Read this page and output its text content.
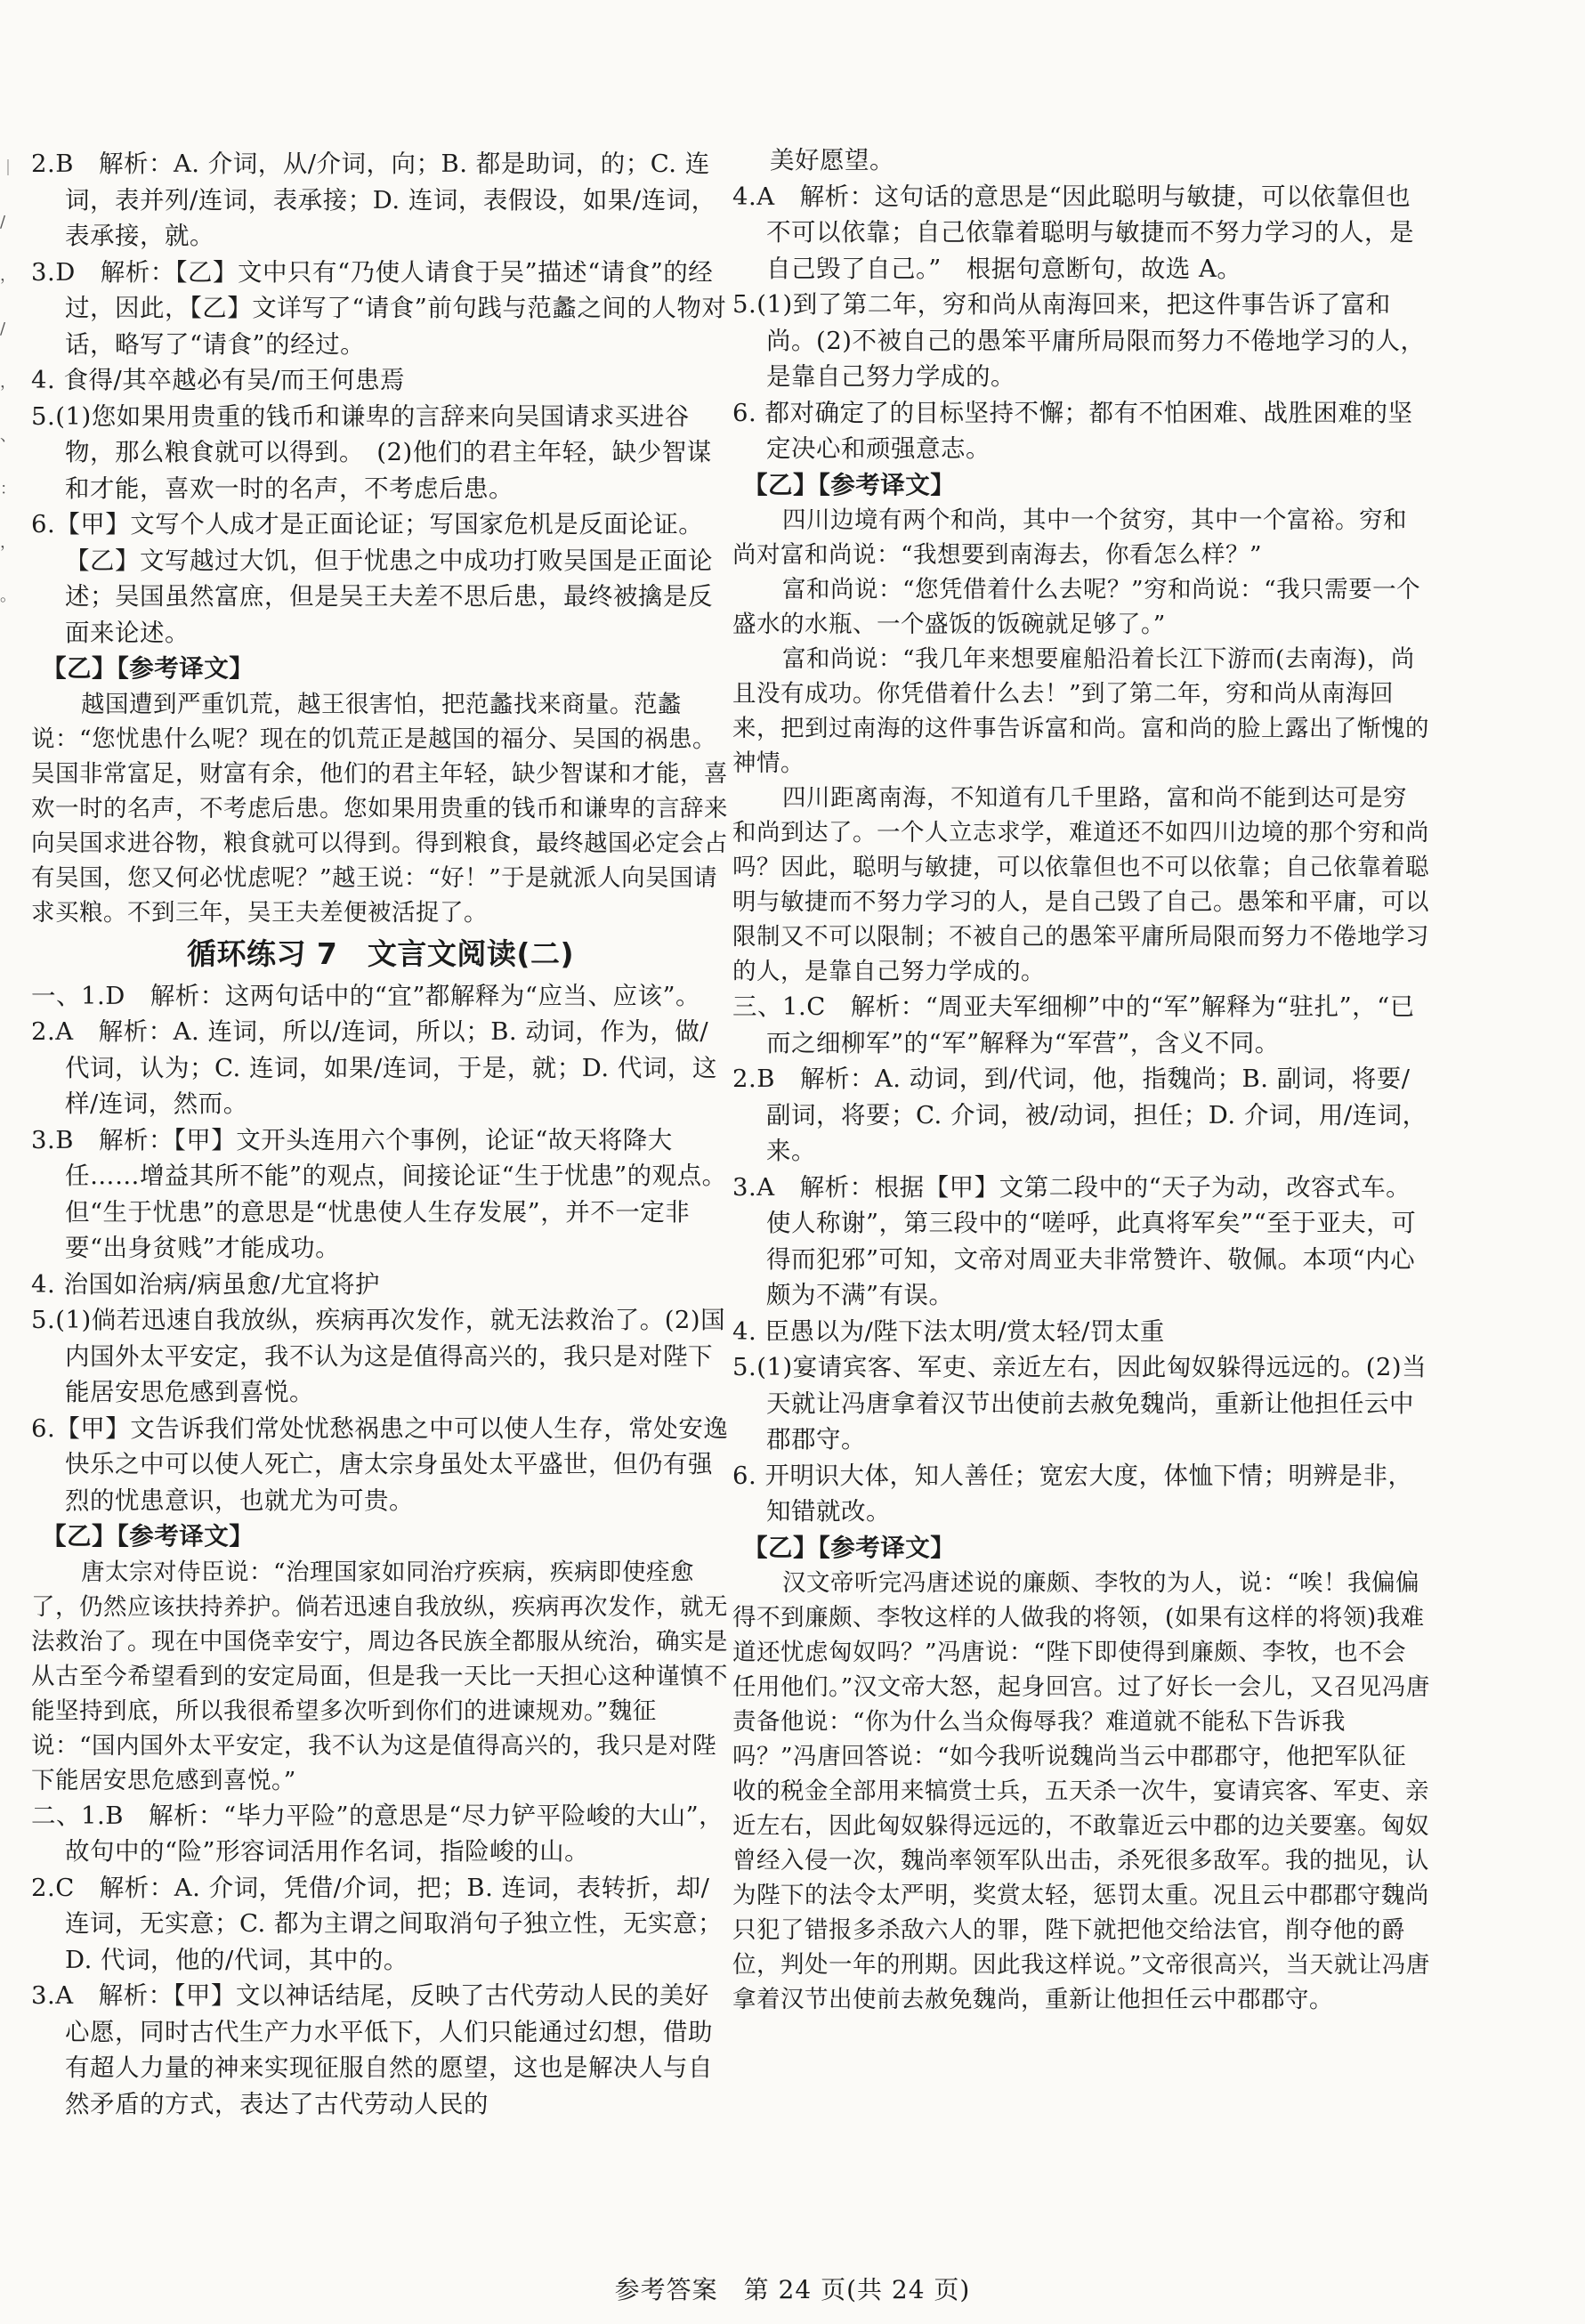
｜
/
，
/
，
、
：
，
。

2.B　解析：A. 介词，从/介词，向；B. 都是助词，的；C. 连词，表并列/连词，表承接；D. 连词，表假设，如果/连词，表承接，就。

3.D　解析：【乙】文中只有“乃使人请食于吴”描述“请食”的经过，因此，【乙】文详写了“请食”前句践与范蠡之间的人物对话，略写了“请食”的经过。

4. 食得/其卒越必有吴/而王何患焉

5.(1)您如果用贵重的钱币和谦卑的言辞来向吴国请求买进谷物，那么粮食就可以得到。　(2)他们的君主年轻，缺少智谋和才能，喜欢一时的名声，不考虑后患。

6.【甲】文写个人成才是正面论证；写国家危机是反面论证。【乙】文写越过大饥，但于忧患之中成功打败吴国是正面论述；吴国虽然富庶，但是吴王夫差不思后患，最终被擒是反面来论述。

【乙】【参考译文】

越国遭到严重饥荒，越王很害怕，把范蠡找来商量。范蠡说：“您忧患什么呢？现在的饥荒正是越国的福分、吴国的祸患。吴国非常富足，财富有余，他们的君主年轻，缺少智谋和才能，喜欢一时的名声，不考虑后患。您如果用贵重的钱币和谦卑的言辞来向吴国求进谷物，粮食就可以得到。得到粮食，最终越国必定会占有吴国，您又何必忧虑呢？”越王说：“好！”于是就派人向吴国请求买粮。不到三年，吴王夫差便被活捉了。

循环练习 7　文言文阅读(二)

一、1.D　解析：这两句话中的“宜”都解释为“应当、应该”。

2.A　解析：A. 连词，所以/连词，所以；B. 动词，作为，做/代词，认为；C. 连词，如果/连词，于是，就；D. 代词，这样/连词，然而。

3.B　解析：【甲】文开头连用六个事例，论证“故天将降大任……增益其所不能”的观点，间接论证“生于忧患”的观点。但“生于忧患”的意思是“忧患使人生存发展”，并不一定非要“出身贫贱”才能成功。

4. 治国如治病/病虽愈/尤宜将护

5.(1)倘若迅速自我放纵，疾病再次发作，就无法救治了。(2)国内国外太平安定，我不认为这是值得高兴的，我只是对陛下能居安思危感到喜悦。

6.【甲】文告诉我们常处忧愁祸患之中可以使人生存，常处安逸快乐之中可以使人死亡，唐太宗身虽处太平盛世，但仍有强烈的忧患意识，也就尤为可贵。

【乙】【参考译文】

唐太宗对侍臣说：“治理国家如同治疗疾病，疾病即使痊愈了，仍然应该扶持养护。倘若迅速自我放纵，疾病再次发作，就无法救治了。现在中国侥幸安宁，周边各民族全都服从统治，确实是从古至今希望看到的安定局面，但是我一天比一天担心这种谨慎不能坚持到底，所以我很希望多次听到你们的进谏规劝。”魏征说：“国内国外太平安定，我不认为这是值得高兴的，我只是对陛下能居安思危感到喜悦。”

二、1.B　解析：“毕力平险”的意思是“尽力铲平险峻的大山”，故句中的“险”形容词活用作名词，指险峻的山。

2.C　解析：A. 介词，凭借/介词，把；B. 连词，表转折，却/连词，无实意；C. 都为主谓之间取消句子独立性，无实意；D. 代词，他的/代词，其中的。

3.A　解析：【甲】文以神话结尾，反映了古代劳动人民的美好心愿，同时古代生产力水平低下，人们只能通过幻想，借助有超人力量的神来实现征服自然的愿望，这也是解决人与自然矛盾的方式，表达了古代劳动人民的

美好愿望。

4.A　解析：这句话的意思是“因此聪明与敏捷，可以依靠但也不可以依靠；自己依靠着聪明与敏捷而不努力学习的人，是自己毁了自己。”　根据句意断句，故选 A。

5.(1)到了第二年，穷和尚从南海回来，把这件事告诉了富和尚。(2)不被自己的愚笨平庸所局限而努力不倦地学习的人，是靠自己努力学成的。

6. 都对确定了的目标坚持不懈；都有不怕困难、战胜困难的坚定决心和顽强意志。

【乙】【参考译文】

四川边境有两个和尚，其中一个贫穷，其中一个富裕。穷和尚对富和尚说：“我想要到南海去，你看怎么样？”

富和尚说：“您凭借着什么去呢？”穷和尚说：“我只需要一个盛水的水瓶、一个盛饭的饭碗就足够了。”

富和尚说：“我几年来想要雇船沿着长江下游而(去南海)，尚且没有成功。你凭借着什么去！”到了第二年，穷和尚从南海回来，把到过南海的这件事告诉富和尚。富和尚的脸上露出了惭愧的神情。

四川距离南海，不知道有几千里路，富和尚不能到达可是穷和尚到达了。一个人立志求学，难道还不如四川边境的那个穷和尚吗？因此，聪明与敏捷，可以依靠但也不可以依靠；自己依靠着聪明与敏捷而不努力学习的人，是自己毁了自己。愚笨和平庸，可以限制又不可以限制；不被自己的愚笨平庸所局限而努力不倦地学习的人，是靠自己努力学成的。

三、1.C　解析：“周亚夫军细柳”中的“军”解释为“驻扎”，“已而之细柳军”的“军”解释为“军营”，含义不同。

2.B　解析：A. 动词，到/代词，他，指魏尚；B. 副词，将要/副词，将要；C. 介词，被/动词，担任；D. 介词，用/连词，来。

3.A　解析：根据【甲】文第二段中的“天子为动，改容式车。使人称谢”，第三段中的“嗟呼，此真将军矣”“至于亚夫，可得而犯邪”可知，文帝对周亚夫非常赞许、敬佩。本项“内心颇为不满”有误。

4. 臣愚以为/陛下法太明/赏太轻/罚太重

5.(1)宴请宾客、军吏、亲近左右，因此匈奴躲得远远的。(2)当天就让冯唐拿着汉节出使前去赦免魏尚，重新让他担任云中郡郡守。

6. 开明识大体，知人善任；宽宏大度，体恤下情；明辨是非，知错就改。

【乙】【参考译文】

汉文帝听完冯唐述说的廉颇、李牧的为人，说：“唉！我偏偏得不到廉颇、李牧这样的人做我的将领，(如果有这样的将领)我难道还忧虑匈奴吗？”冯唐说：“陛下即使得到廉颇、李牧，也不会任用他们。”汉文帝大怒，起身回宫。过了好长一会儿，又召见冯唐责备他说：“你为什么当众侮辱我？难道就不能私下告诉我吗？”冯唐回答说：“如今我听说魏尚当云中郡郡守，他把军队征收的税金全部用来犒赏士兵，五天杀一次牛，宴请宾客、军吏、亲近左右，因此匈奴躲得远远的，不敢靠近云中郡的边关要塞。匈奴曾经入侵一次，魏尚率领军队出击，杀死很多敌军。我的拙见，认为陛下的法令太严明，奖赏太轻，惩罚太重。况且云中郡郡守魏尚只犯了错报多杀敌六人的罪，陛下就把他交给法官，削夺他的爵位，判处一年的刑期。因此我这样说。”文帝很高兴，当天就让冯唐拿着汉节出使前去赦免魏尚，重新让他担任云中郡郡守。

参考答案　第 24 页(共 24 页)
